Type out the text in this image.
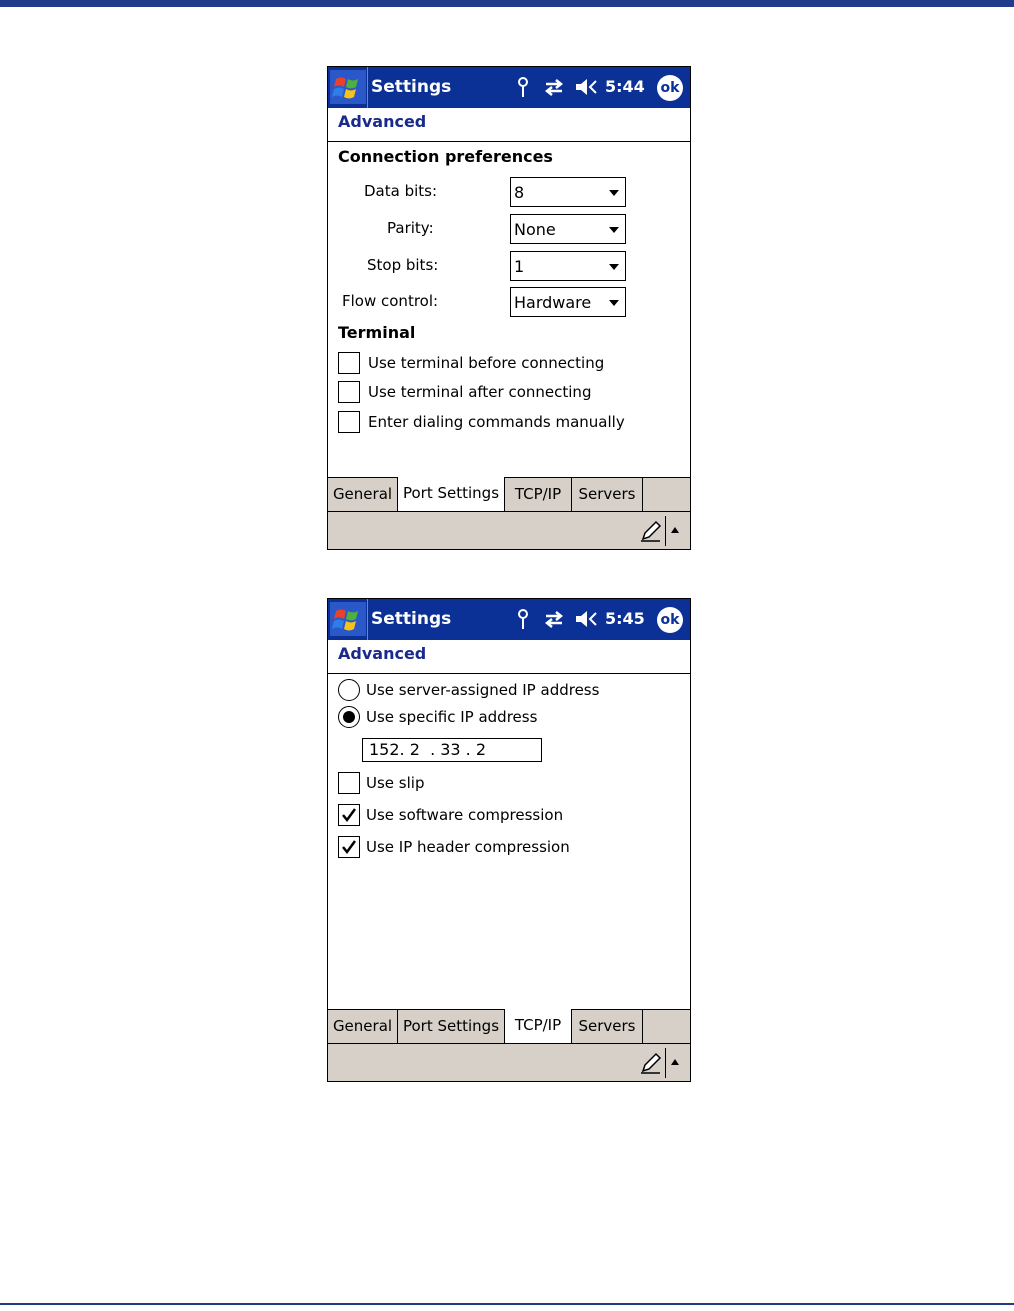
Settings	5:44 ok
Advanced
Connection preferences
Data bits:	8
Parity:	None
Stop bits:	1
Flow control:	Hardware
Terminal
Use terminal before connecting
Use terminal after connecting
Enter dialing commands manually
General Port Settings	TCP/IP	Servers
Settings	5:45 ok
Advanced
Use server-assigned IP address
Use specific IP address
152. 2  . 33 . 2
Use slip
Use software compression
Use IP header compression
General Port Settings	TCP/IP	Servers
